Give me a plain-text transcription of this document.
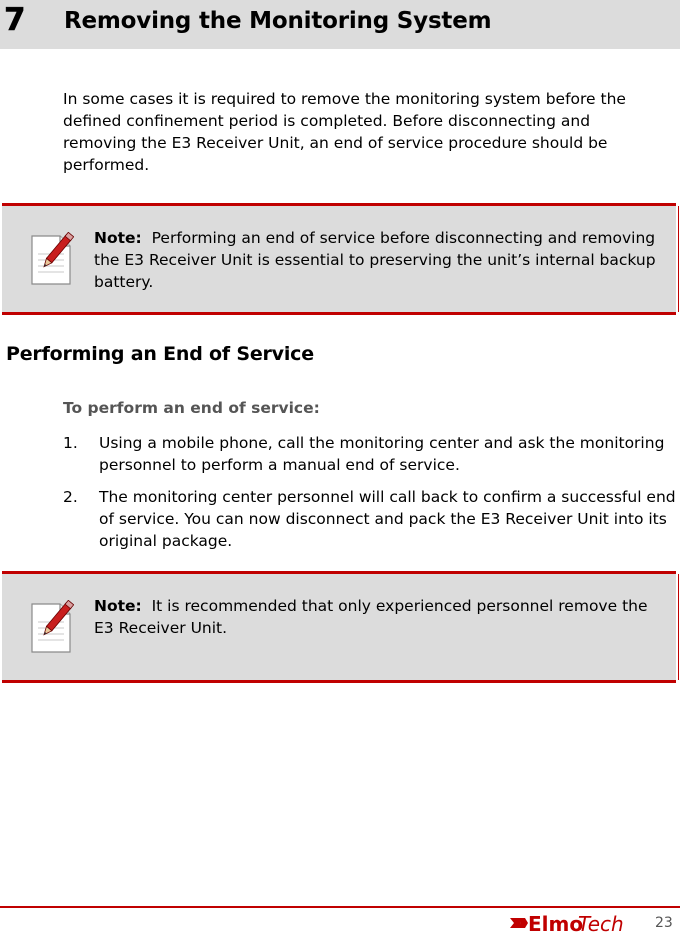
7 Removing the Monitoring System

In some cases it is required to remove the monitoring system before the defined confinement period is completed. Before disconnecting and removing the E3 Receiver Unit, an end of service procedure should be performed.

Note: Performing an end of service before disconnecting and removing the E3 Receiver Unit is essential to preserving the unit’s internal backup battery.

Performing an End of Service
To perform an end of service:
1. Using a mobile phone, call the monitoring center and ask the monitoring personnel to perform a manual end of service.
2. The monitoring center personnel will call back to confirm a successful end of service. You can now disconnect and pack the E3 Receiver Unit into its original package.

Note: It is recommended that only experienced personnel remove the E3 Receiver Unit.

Elmo
Tech 23
